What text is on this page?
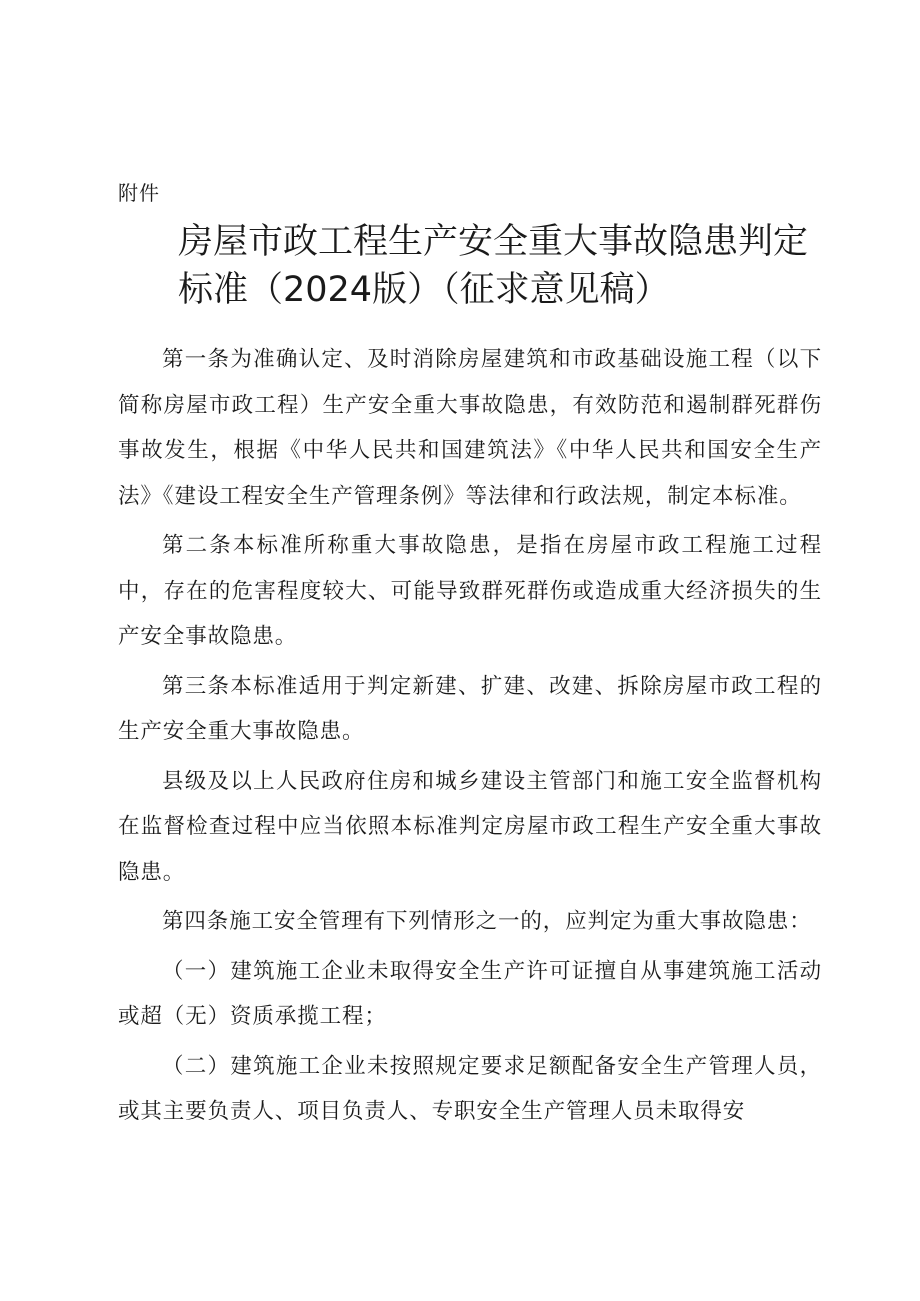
附件
房屋市政工程生产安全重大事故隐患判定
标准（2024版）（征求意见稿）

第一条为准确认定、及时消除房屋建筑和市政基础设施工程（以下简称房屋市政工程）生产安全重大事故隐患，有效防范和遏制群死群伤事故发生，根据《中华人民共和国建筑法》《中华人民共和国安全生产法》《建设工程安全生产管理条例》等法律和行政法规，制定本标准。

第二条本标准所称重大事故隐患，是指在房屋市政工程施工过程中，存在的危害程度较大、可能导致群死群伤或造成重大经济损失的生产安全事故隐患。

第三条本标准适用于判定新建、扩建、改建、拆除房屋市政工程的生产安全重大事故隐患。

县级及以上人民政府住房和城乡建设主管部门和施工安全监督机构在监督检查过程中应当依照本标准判定房屋市政工程生产安全重大事故隐患。

第四条施工安全管理有下列情形之一的，应判定为重大事故隐患：

（一）建筑施工企业未取得安全生产许可证擅自从事建筑施工活动或超（无）资质承揽工程；

（二）建筑施工企业未按照规定要求足额配备安全生产管理人员，或其主要负责人、项目负责人、专职安全生产管理人员未取得安
